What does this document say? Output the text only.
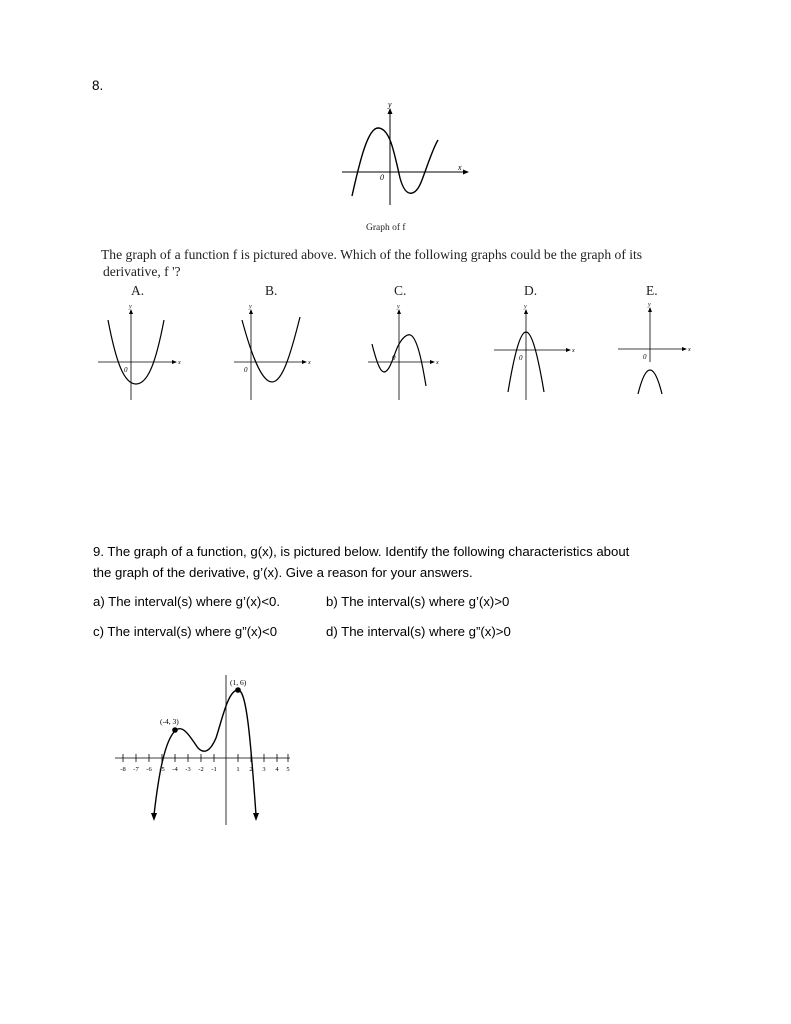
8.
x
y
0
Graph of f
The graph of a function f is pictured above. Which of the following graphs could be the graph of its
derivative, f '?
A.	B.	C.	D.	E.
x
y
0
x
y
0
x
y
0
x
y
0
x
y
0
9. The graph of a function, g(x), is pictured below. Identify the following characteristics about
the graph of the derivative, g’(x). Give a reason for your answers.
a) The interval(s) where g’(x)<0.	b) The interval(s) where g’(x)>0
c) The interval(s) where g”(x)<0	d) The interval(s) where g”(x)>0
-8 -7 -6 -5 -4 -3 -2 -1	1 2 3 4 5
(-4, 3)
(1, 6)
